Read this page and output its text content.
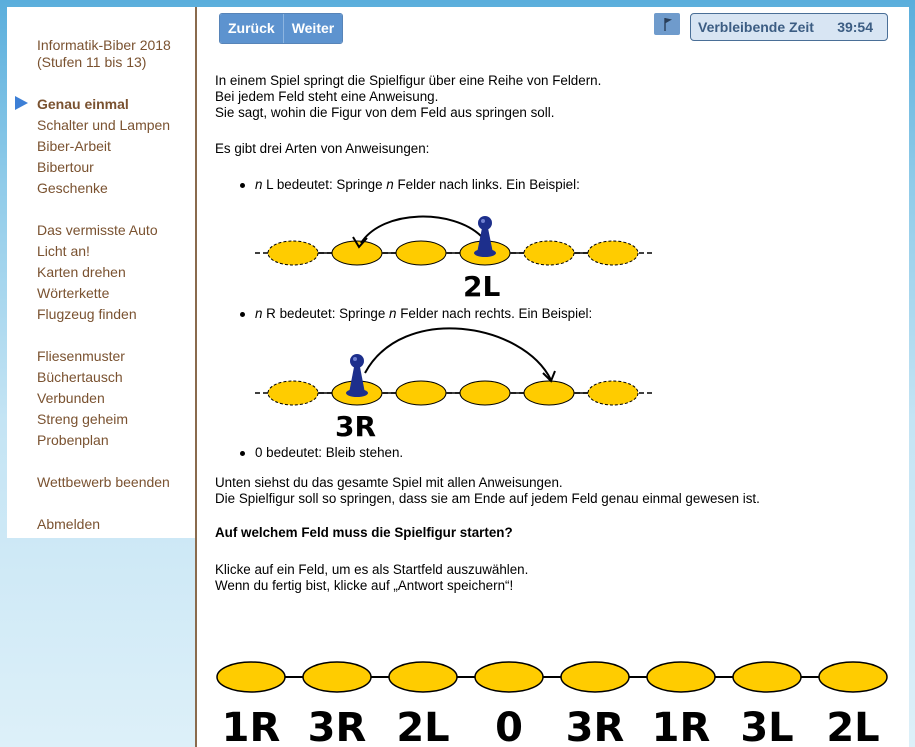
Informatik-Biber 2018
(Stufen 11 bis 13)
Genau einmal
Schalter und Lampen
Biber-Arbeit
Bibertour
Geschenke
Das vermisste Auto
Licht an!
Karten drehen
Wörterkette
Flugzeug finden
Fliesenmuster
Büchertausch
Verbunden
Streng geheim
Probenplan
Wettbewerb beenden
Abmelden
Zurück	Weiter	Verbleibende Zeit 39:54

In einem Spiel springt die Spielfigur über eine Reihe von Feldern.

Bei jedem Feld steht eine Anweisung.

Sie sagt, wohin die Figur von dem Feld aus springen soll.

Es gibt drei Arten von Anweisungen:

n L bedeutet: Springe n Felder nach links. Ein Beispiel:
2L
n R bedeutet: Springe n Felder nach rechts. Ein Beispiel:
3R
0 bedeutet: Bleib stehen.

Unten siehst du das gesamte Spiel mit allen Anweisungen.

Die Spielfigur soll so springen, dass sie am Ende auf jedem Feld genau einmal gewesen ist.

Auf welchem Feld muss die Spielfigur starten?

Klicke auf ein Feld, um es als Startfeld auszuwählen.

Wenn du fertig bist, klicke auf „Antwort speichern“!

1R 3R 2L 0 3R 1R 3L 2L
